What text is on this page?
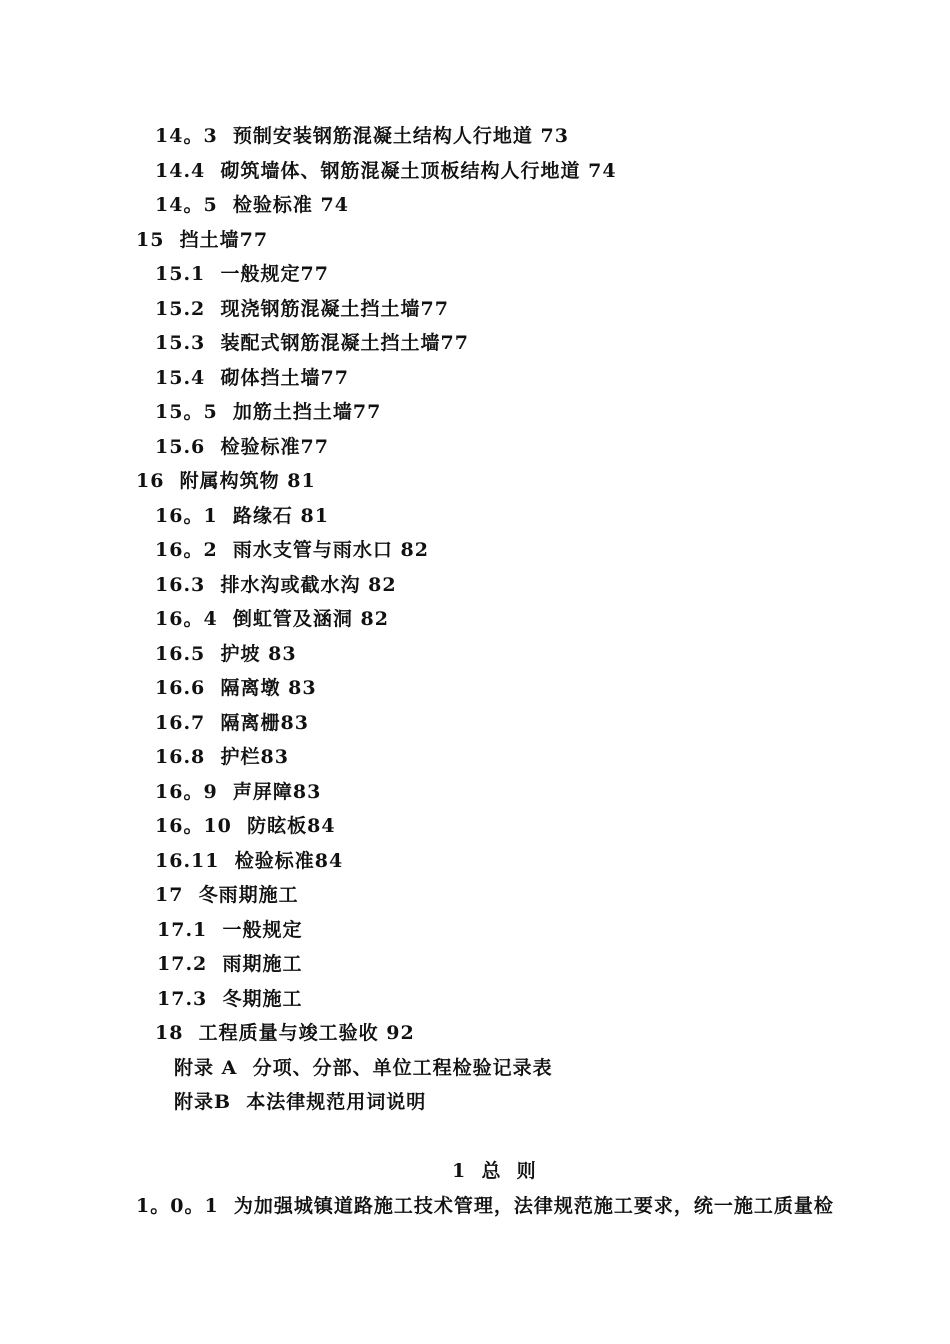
14。3  预制安装钢筋混凝土结构人行地道 73
14.4  砌筑墙体、钢筋混凝土顶板结构人行地道 74
14。5  检验标准 74
15  挡土墙77
15.1  一般规定77
15.2  现浇钢筋混凝土挡土墙77
15.3  装配式钢筋混凝土挡土墙77
15.4  砌体挡土墙77
15。5  加筋土挡土墙77
15.6  检验标准77
16  附属构筑物 81
16。1  路缘石 81
16。2  雨水支管与雨水口 82
16.3  排水沟或截水沟 82
16。4  倒虹管及涵洞 82
16.5  护坡 83
16.6  隔离墩 83
16.7  隔离栅83
16.8  护栏83
16。9  声屏障83
16。10  防眩板84
16.11  检验标准84
17  冬雨期施工
17.1  一般规定
17.2  雨期施工
17.3  冬期施工
18  工程质量与竣工验收 92
附录 A  分项、分部、单位工程检验记录表
附录B  本法律规范用词说明
1  总  则
1。0。1  为加强城镇道路施工技术管理，法律规范施工要求，统一施工质量检
